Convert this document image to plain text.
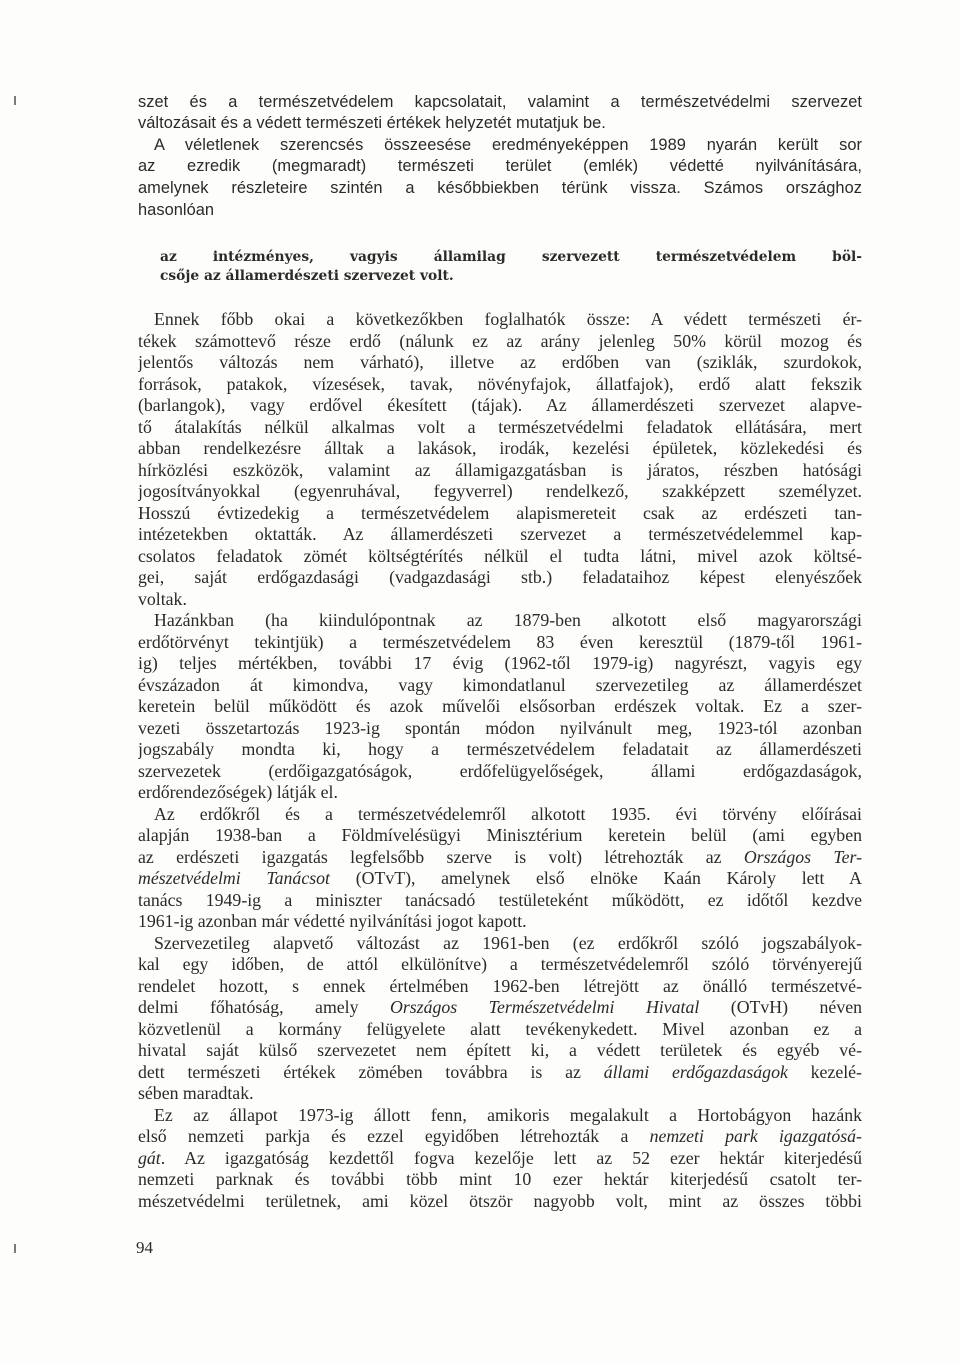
szet és a természetvédelem kapcsolatait, valamint a természetvédelmi szervezet
változásait és a védett természeti értékek helyzetét mutatjuk be.
A véletlenek szerencsés összeesése eredményeképpen 1989 nyarán került sor
az ezredik (megmaradt) természeti terület (emlék) védetté nyilvánítására,
amelynek részleteire szintén a későbbiekben térünk vissza. Számos országhoz
hasonlóan
az intézményes, vagyis államilag szervezett természetvédelem böl-
csője az államerdészeti szervezet volt.
Ennek főbb okai a következőkben foglalhatók össze: A védett természeti ér-
tékek számottevő része erdő (nálunk ez az arány jelenleg 50% körül mozog és
jelentős változás nem várható), illetve az erdőben van (sziklák, szurdokok,
források, patakok, vízesések, tavak, növényfajok, állatfajok), erdő alatt fekszik
(barlangok), vagy erdővel ékesített (tájak). Az államerdészeti szervezet alapve-
tő átalakítás nélkül alkalmas volt a természetvédelmi feladatok ellátására, mert
abban rendelkezésre álltak a lakások, irodák, kezelési épületek, közlekedési és
hírközlési eszközök, valamint az államigazgatásban is járatos, részben hatósági
jogosítványokkal (egyenruhával, fegyverrel) rendelkező, szakképzett személyzet.
Hosszú évtizedekig a természetvédelem alapismereteit csak az erdészeti tan-
intézetekben oktatták. Az államerdészeti szervezet a természetvédelemmel kap-
csolatos feladatok zömét költségtérítés nélkül el tudta látni, mivel azok költsé-
gei, saját erdőgazdasági (vadgazdasági stb.) feladataihoz képest elenyészőek
voltak.
Hazánkban (ha kiindulópontnak az 1879-ben alkotott első magyarországi
erdőtörvényt tekintjük) a természetvédelem 83 éven keresztül (1879-től 1961-
ig) teljes mértékben, további 17 évig (1962-től 1979-ig) nagyrészt, vagyis egy
évszázadon át kimondva, vagy kimondatlanul szervezetileg az államerdészet
keretein belül működött és azok művelői elsősorban erdészek voltak. Ez a szer-
vezeti összetartozás 1923-ig spontán módon nyilvánult meg, 1923-tól azonban
jogszabály mondta ki, hogy a természetvédelem feladatait az államerdészeti
szervezetek (erdőigazgatóságok, erdőfelügyelőségek, állami erdőgazdaságok,
erdőrendezőségek) látják el.
Az erdőkről és a természetvédelemről alkotott 1935. évi törvény előírásai
alapján 1938-ban a Földmívelésügyi Minisztérium keretein belül (ami egyben
az erdészeti igazgatás legfelsőbb szerve is volt) létrehozták az Országos Ter-
mészetvédelmi Tanácsot (OTvT), amelynek első elnöke Kaán Károly lett A
tanács 1949-ig a miniszter tanácsadó testületeként működött, ez időtől kezdve
1961-ig azonban már védetté nyilvánítási jogot kapott.
Szervezetileg alapvető változást az 1961-ben (ez erdőkről szóló jogszabályok-
kal egy időben, de attól elkülönítve) a természetvédelemről szóló törvényerejű
rendelet hozott, s ennek értelmében 1962-ben létrejött az önálló természetvé-
delmi főhatóság, amely Országos Természetvédelmi Hivatal (OTvH) néven
közvetlenül a kormány felügyelete alatt tevékenykedett. Mivel azonban ez a
hivatal saját külső szervezetet nem épített ki, a védett területek és egyéb vé-
dett természeti értékek zömében továbbra is az állami erdőgazdaságok kezelé-
sében maradtak.
Ez az állapot 1973-ig állott fenn, amikoris megalakult a Hortobágyon hazánk
első nemzeti parkja és ezzel egyidőben létrehozták a nemzeti park igazgatósá-
gát. Az igazgatóság kezdettől fogva kezelője lett az 52 ezer hektár kiterjedésű
nemzeti parknak és további több mint 10 ezer hektár kiterjedésű csatolt ter-
mészetvédelmi területnek, ami közel ötször nagyobb volt, mint az összes többi
94
